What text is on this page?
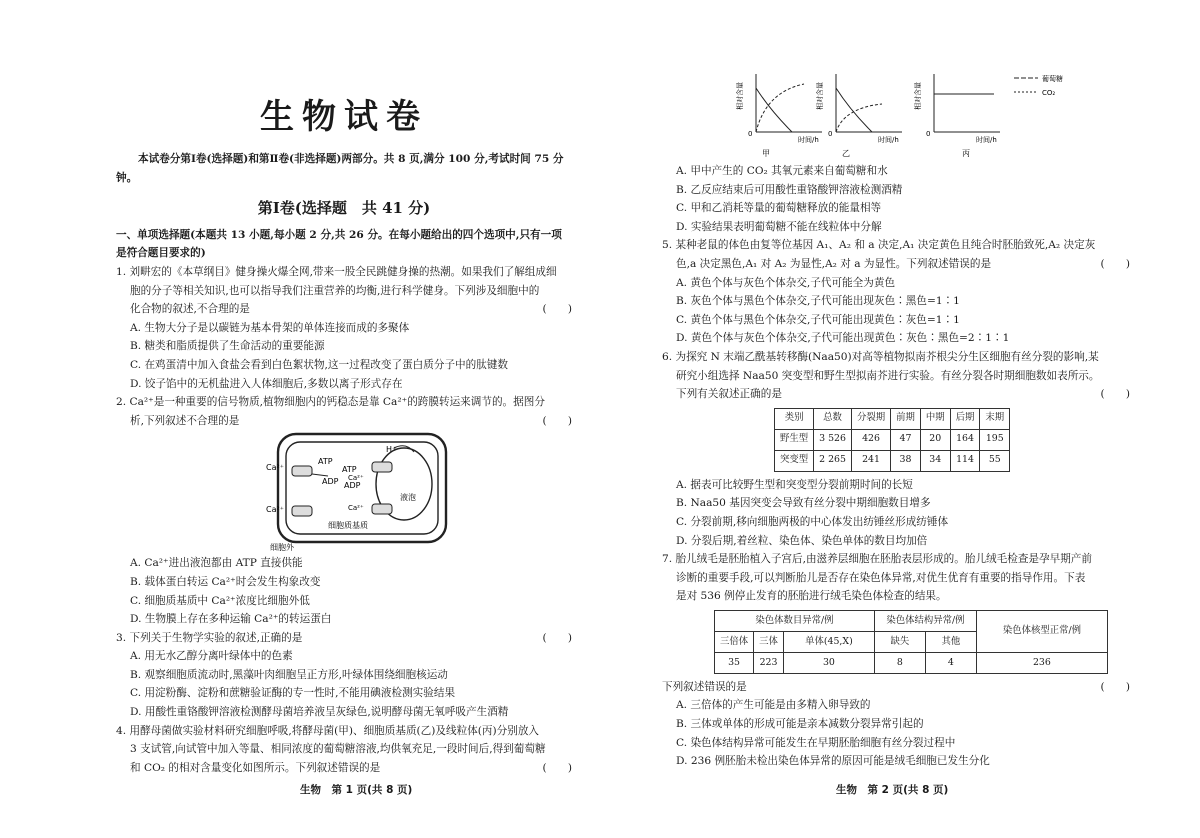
生物试卷
本试卷分第Ⅰ卷(选择题)和第Ⅱ卷(非选择题)两部分。共 8 页,满分 100 分,考试时间 75 分钟。
第Ⅰ卷(选择题　共 41 分)
一、单项选择题(本题共 13 小题,每小题 2 分,共 26 分。在每小题给出的四个选项中,只有一项是符合题目要求的)
1. 刘畊宏的《本草纲目》健身操火爆全网,带来一股全民跳健身操的热潮。如果我们了解组成细
胞的分子等相关知识,也可以指导我们注重营养的均衡,进行科学健身。下列涉及细胞中的
化合物的叙述,不合理的是	(　　)
A. 生物大分子是以碳链为基本骨架的单体连接而成的多聚体
B. 糖类和脂质提供了生命活动的重要能源
C. 在鸡蛋清中加入食盐会看到白色絮状物,这一过程改变了蛋白质分子中的肽键数
D. 饺子馅中的无机盐进入人体细胞后,多数以离子形式存在
2. Ca²⁺是一种重要的信号物质,植物细胞内的钙稳态是靠 Ca²⁺的跨膜转运来调节的。据图分
析,下列叙述不合理的是	(　　)
Ca²⁺
Ca²⁺
ATP
ADP
ATP
ADP
Ca²⁺
H⁺
液泡
Ca²⁺
细胞质基质
细胞外
A. Ca²⁺进出液泡都由 ATP 直接供能
B. 载体蛋白转运 Ca²⁺时会发生构象改变
C. 细胞质基质中 Ca²⁺浓度比细胞外低
D. 生物膜上存在多种运输 Ca²⁺的转运蛋白
3. 下列关于生物学实验的叙述,正确的是	(　　)
A. 用无水乙醇分离叶绿体中的色素
B. 观察细胞质流动时,黑藻叶肉细胞呈正方形,叶绿体围绕细胞核运动
C. 用淀粉酶、淀粉和蔗糖验证酶的专一性时,不能用碘液检测实验结果
D. 用酸性重铬酸钾溶液检测酵母菌培养液呈灰绿色,说明酵母菌无氧呼吸产生酒精
4. 用酵母菌做实验材料研究细胞呼吸,将酵母菌(甲)、细胞质基质(乙)及线粒体(丙)分别放入
3 支试管,向试管中加入等量、相同浓度的葡萄糖溶液,均供氧充足,一段时间后,得到葡萄糖
和 CO₂ 的相对含量变化如图所示。下列叙述错误的是	(　　)
生物　第 1 页(共 8 页)
相对含量
0
时间/h
甲
相对含量
0
时间/h
乙
相对含量
0
时间/h
丙
葡萄糖
CO₂
A. 甲中产生的 CO₂ 其氧元素来自葡萄糖和水
B. 乙反应结束后可用酸性重铬酸钾溶液检测酒精
C. 甲和乙消耗等量的葡萄糖释放的能量相等
D. 实验结果表明葡萄糖不能在线粒体中分解
5. 某种老鼠的体色由复等位基因 A₁、A₂ 和 a 决定,A₁ 决定黄色且纯合时胚胎致死,A₂ 决定灰
色,a 决定黑色,A₁ 对 A₂ 为显性,A₂ 对 a 为显性。下列叙述错误的是	(　　)
A. 黄色个体与灰色个体杂交,子代可能全为黄色
B. 灰色个体与黑色个体杂交,子代可能出现灰色∶黑色=1∶1
C. 黄色个体与黑色个体杂交,子代可能出现黄色∶灰色=1∶1
D. 黄色个体与灰色个体杂交,子代可能出现黄色∶灰色∶黑色=2∶1∶1
6. 为探究 N 末端乙酰基转移酶(Naa50)对高等植物拟南芥根尖分生区细胞有丝分裂的影响,某
研究小组选择 Naa50 突变型和野生型拟南芥进行实验。有丝分裂各时期细胞数如表所示。
下列有关叙述正确的是	(　　)
类别	总数	分裂期	前期	中期	后期	末期
野生型	3 526	426	47	20	164	195
突变型	2 265	241	38	34	114	55
A. 据表可比较野生型和突变型分裂前期时间的长短
B. Naa50 基因突变会导致有丝分裂中期细胞数目增多
C. 分裂前期,移向细胞两极的中心体发出纺锤丝形成纺锤体
D. 分裂后期,着丝粒、染色体、染色单体的数目均加倍
7. 胎儿绒毛是胚胎植入子宫后,由滋养层细胞在胚胎表层形成的。胎儿绒毛检查是孕早期产前
诊断的重要手段,可以判断胎儿是否存在染色体异常,对优生优育有重要的指导作用。下表
是对 536 例停止发育的胚胎进行绒毛染色体检查的结果。
染色体数目异常/例			染色体结构异常/例		染色体核型正常/例
三倍体	三体	单体(45,X)	缺失	其他	
35	223	30	8	4	236
下列叙述错误的是	(　　)
A. 三倍体的产生可能是由多精入卵导致的
B. 三体或单体的形成可能是亲本减数分裂异常引起的
C. 染色体结构异常可能发生在早期胚胎细胞有丝分裂过程中
D. 236 例胚胎未检出染色体异常的原因可能是绒毛细胞已发生分化
生物　第 2 页(共 8 页)
